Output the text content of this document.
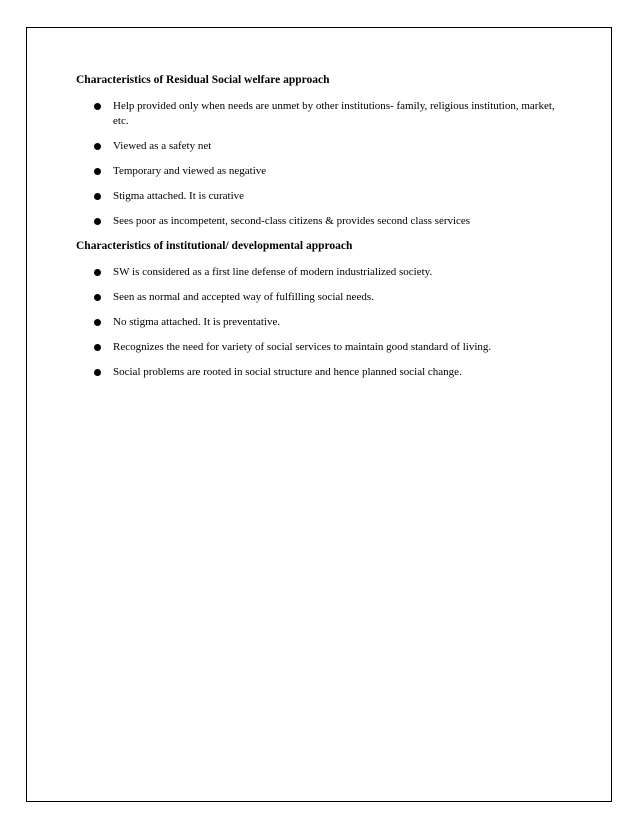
Characteristics of Residual Social welfare approach
Help provided only when needs are unmet by other institutions- family, religious institution, market, etc.
Viewed as a safety net
Temporary and viewed as negative
Stigma attached. It is curative
Sees poor as incompetent, second-class citizens & provides second class services
Characteristics of institutional/ developmental approach
SW is considered as a first line defense of modern industrialized society.
Seen as normal and accepted way of fulfilling social needs.
No stigma attached. It is preventative.
Recognizes the need for variety of social services to maintain good standard of living.
Social problems are rooted in social structure and hence planned social change.
